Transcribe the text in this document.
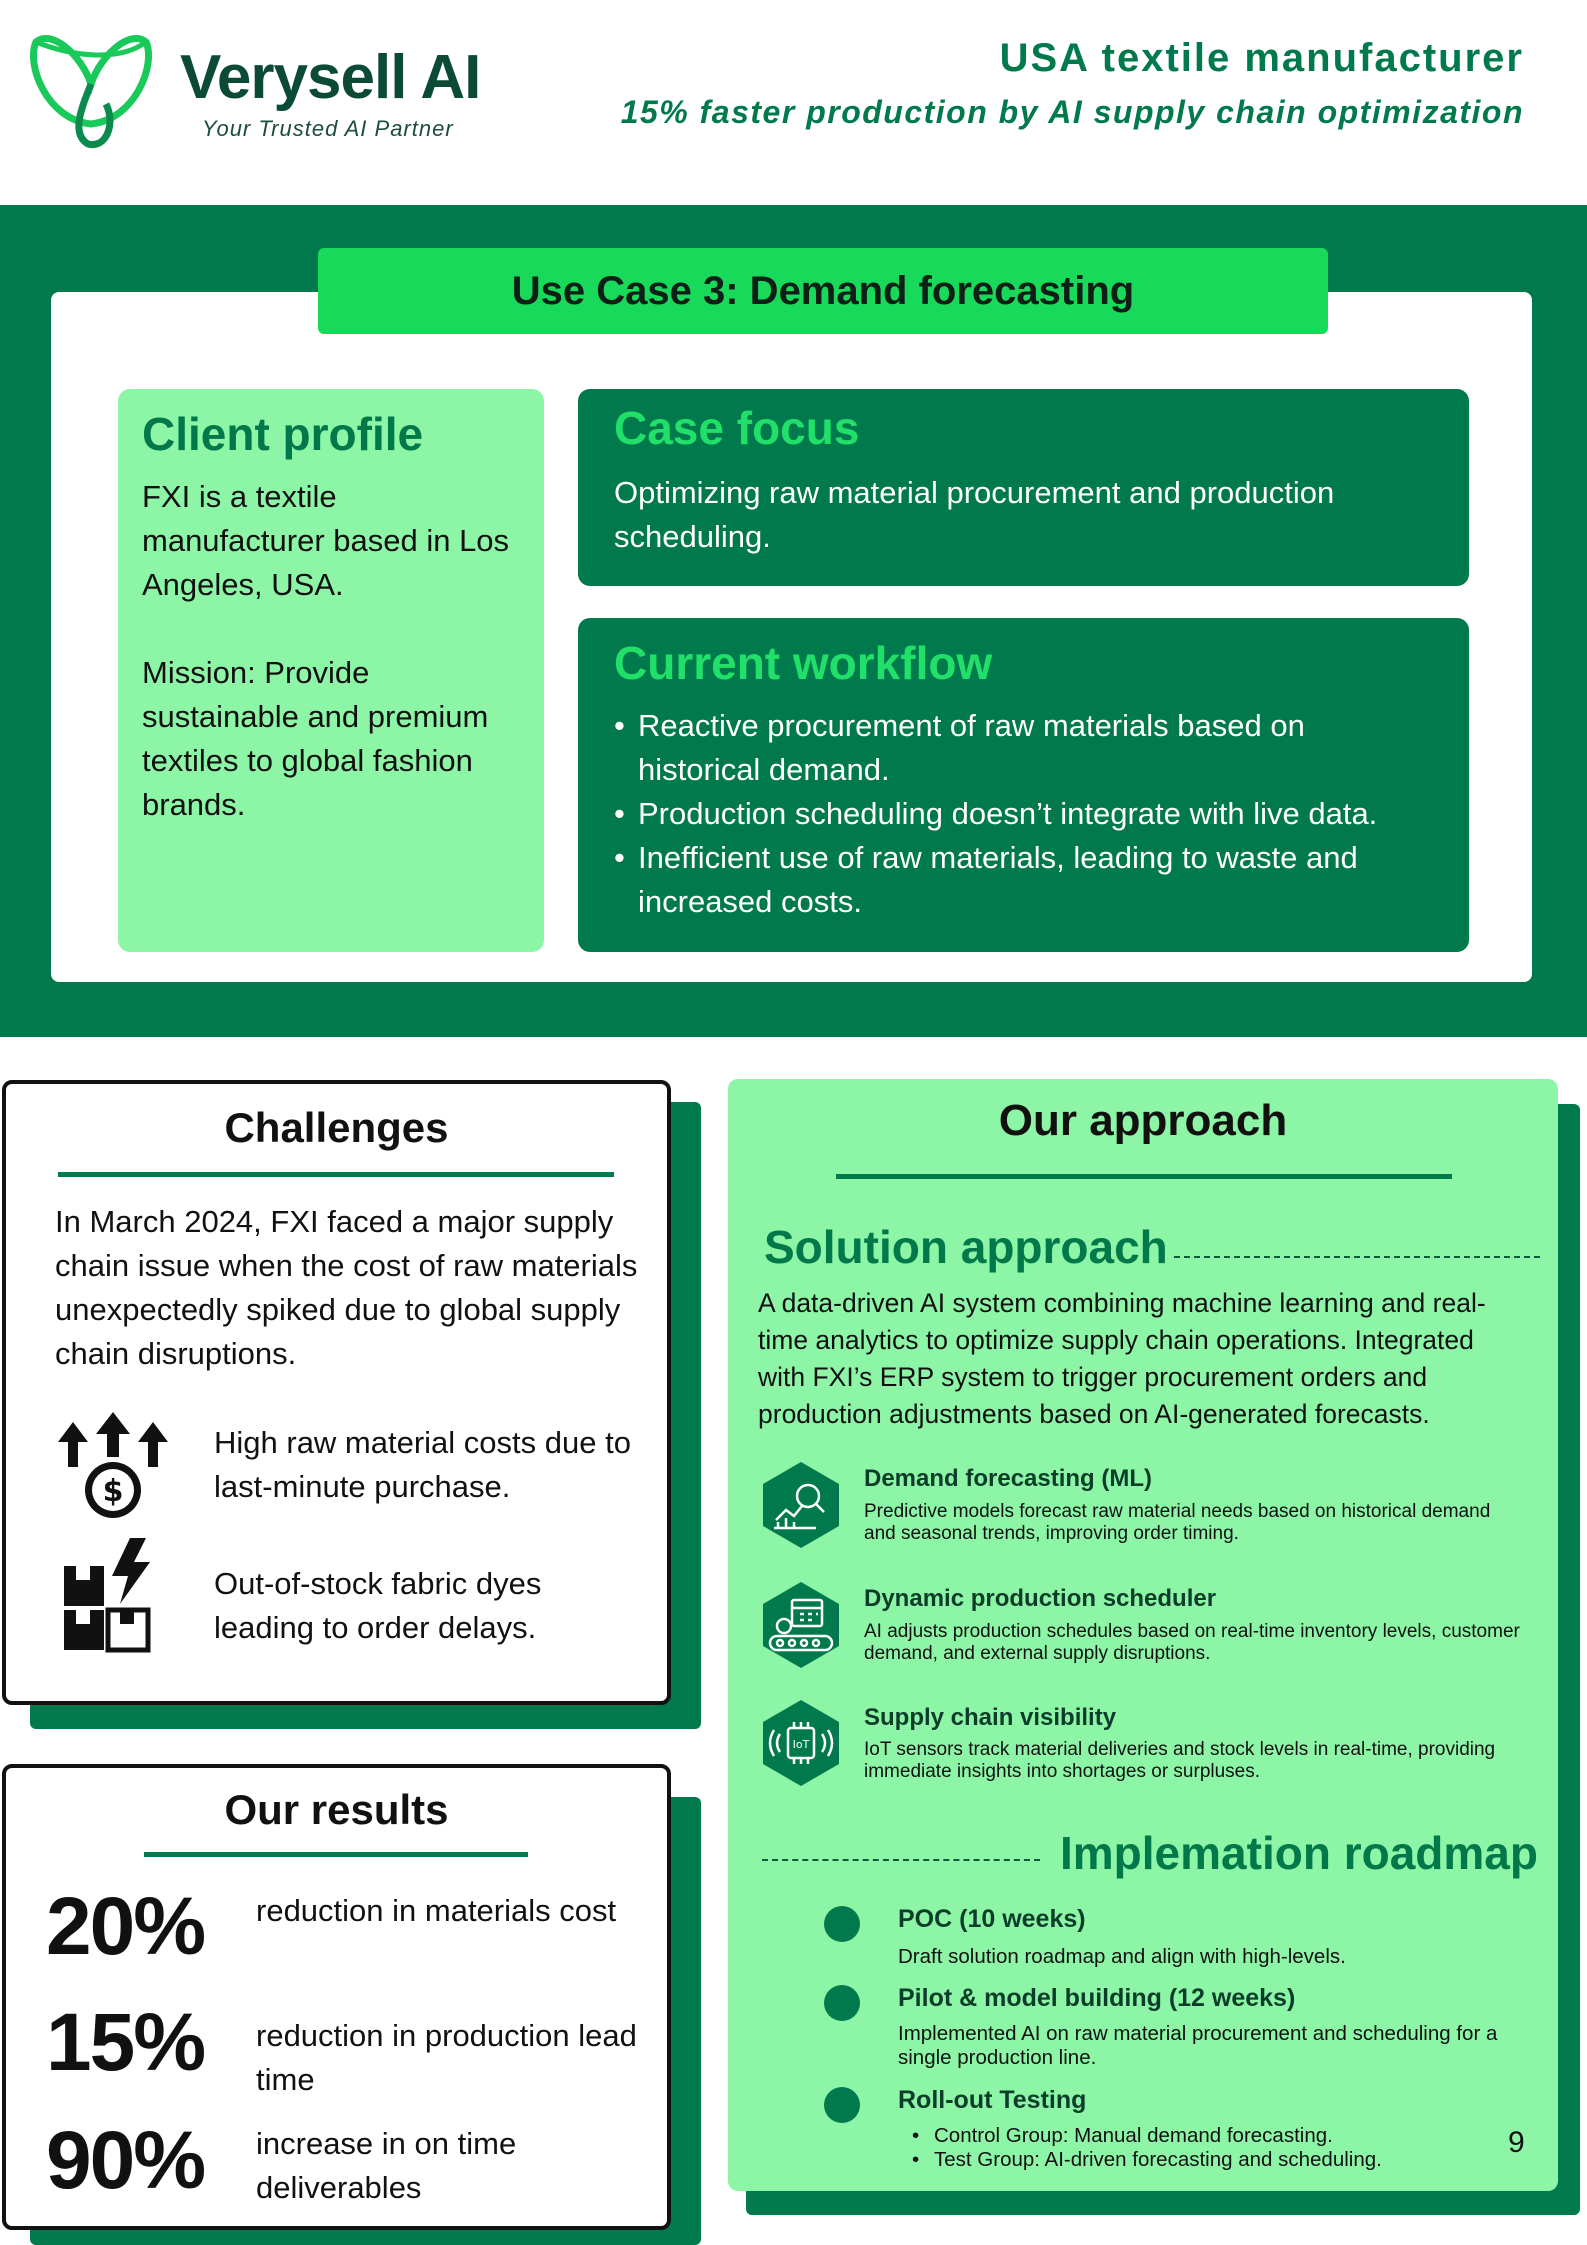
Verysell AI
Your Trusted AI Partner
USA textile manufacturer
15% faster production by AI supply chain optimization
Use Case 3: Demand forecasting
Client profile

FXI is a textile manufacturer based in Los Angeles, USA.

Mission: Provide sustainable and premium textiles to global fashion brands.

Case focus

Optimizing raw material procurement and production scheduling.

Current workflow
• Reactive procurement of raw materials based on historical demand.
• Production scheduling doesn’t integrate with live data.
• Inefficient use of raw materials, leading to waste and increased costs.
Challenges
In March 2024, FXI faced a major supply chain issue when the cost of raw materials unexpectedly spiked due to global supply chain disruptions.
$
High raw material costs due to last-minute purchase.
Out-of-stock fabric dyes leading to order delays.
Our results
20% reduction in materials cost
15% reduction in production lead time
90% increase in on time deliverables
Our approach
Solution approach
A data-driven AI system combining machine learning and real-time analytics to optimize supply chain operations. Integrated with FXI’s ERP system to trigger procurement orders and production adjustments based on AI-generated forecasts.
Demand forecasting (ML)
Predictive models forecast raw material needs based on historical demand and seasonal trends, improving order timing.
Dynamic production scheduler
AI adjusts production schedules based on real-time inventory levels, customer demand, and external supply disruptions.
IoT
Supply chain visibility
IoT sensors track material deliveries and stock levels in real-time, providing immediate insights into shortages or surpluses.
Implemation roadmap
POC (10 weeks)
Draft solution roadmap and align with high-levels.
Pilot & model building (12 weeks)
Implemented AI on raw material procurement and scheduling for a single production line.
Roll-out Testing
• Control Group: Manual demand forecasting.
• Test Group: AI-driven forecasting and scheduling.
9
